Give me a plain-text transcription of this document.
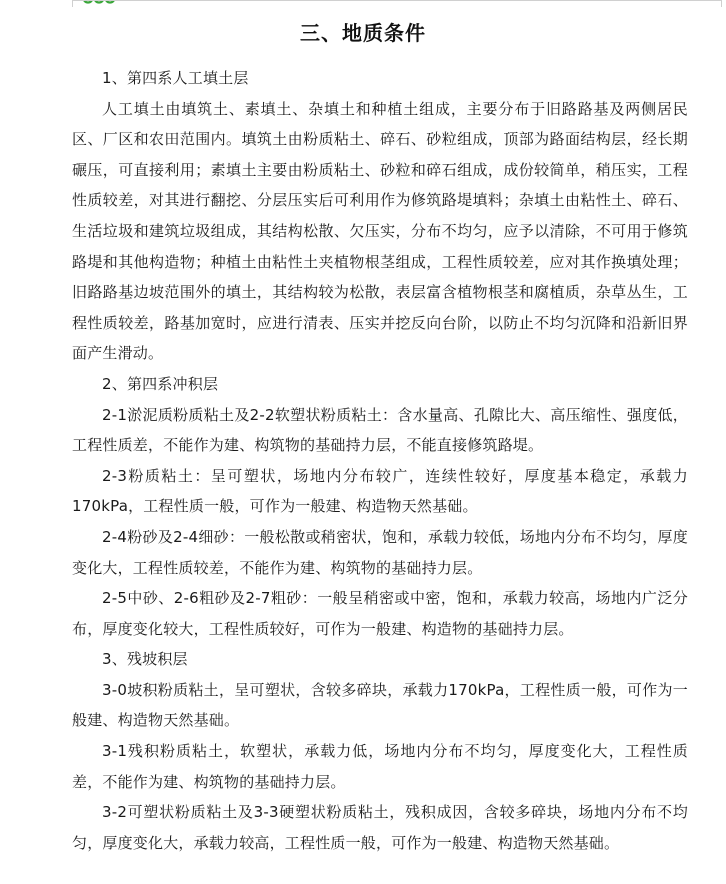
三、地质条件

1、第四系人工填土层

人工填土由填筑土、素填土、杂填土和种植土组成，主要分布于旧路路基及两侧居民区、厂区和农田范围内。填筑土由粉质粘土、碎石、砂粒组成，顶部为路面结构层，经长期碾压，可直接利用；素填土主要由粉质粘土、砂粒和碎石组成，成份较简单，稍压实，工程性质较差，对其进行翻挖、分层压实后可利用作为修筑路堤填料；杂填土由粘性土、碎石、生活垃圾和建筑垃圾组成，其结构松散、欠压实，分布不均匀，应予以清除，不可用于修筑路堤和其他构造物；种植土由粘性土夹植物根茎组成，工程性质较差，应对其作换填处理；旧路路基边坡范围外的填土，其结构较为松散，表层富含植物根茎和腐植质，杂草丛生，工程性质较差，路基加宽时，应进行清表、压实并挖反向台阶，以防止不均匀沉降和沿新旧界面产生滑动。

2、第四系冲积层

2-1淤泥质粉质粘土及2-2软塑状粉质粘土：含水量高、孔隙比大、高压缩性、强度低，工程性质差，不能作为建、构筑物的基础持力层，不能直接修筑路堤。

2-3粉质粘土：呈可塑状，场地内分布较广，连续性较好，厚度基本稳定，承载力170kPa，工程性质一般，可作为一般建、构造物天然基础。

2-4粉砂及2-4细砂：一般松散或稍密状，饱和，承载力较低，场地内分布不均匀，厚度变化大，工程性质较差，不能作为建、构筑物的基础持力层。

2-5中砂、2-6粗砂及2-7粗砂：一般呈稍密或中密，饱和，承载力较高，场地内广泛分布，厚度变化较大，工程性质较好，可作为一般建、构造物的基础持力层。

3、残坡积层

3-0坡积粉质粘土，呈可塑状，含较多碎块，承载力170kPa，工程性质一般，可作为一般建、构造物天然基础。

3-1残积粉质粘土，软塑状，承载力低，场地内分布不均匀，厚度变化大，工程性质差，不能作为建、构筑物的基础持力层。

3-2可塑状粉质粘土及3-3硬塑状粉质粘土，残积成因，含较多碎块，场地内分布不均匀，厚度变化大，承载力较高，工程性质一般，可作为一般建、构造物天然基础。
